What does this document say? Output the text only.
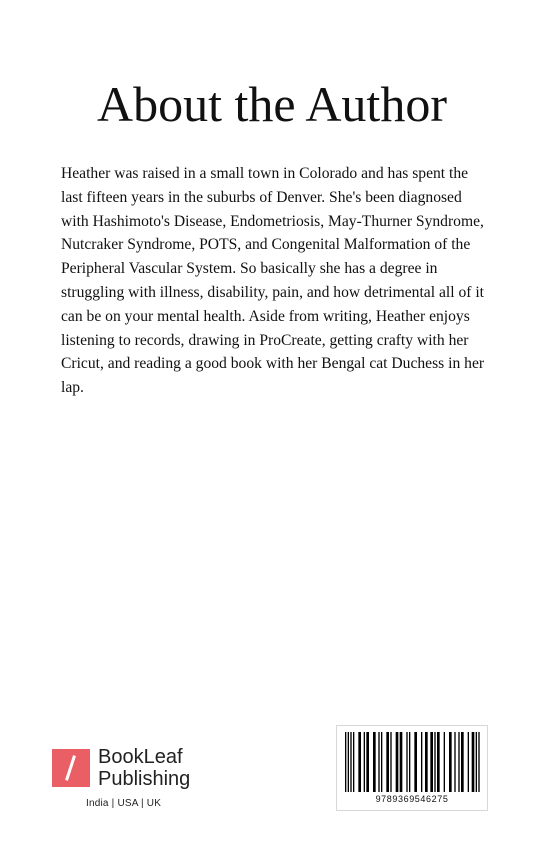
About the Author

Heather was raised in a small town in Colorado and has spent the last fifteen years in the suburbs of Denver. She's been diagnosed with Hashimoto's Disease, Endometriosis, May-Thurner Syndrome, Nutcraker Syndrome, POTS, and Congenital Malformation of the Peripheral Vascular System. So basically she has a degree in struggling with illness, disability, pain, and how detrimental all of it can be on your mental health. Aside from writing, Heather enjoys listening to records, drawing in ProCreate, getting crafty with her Cricut, and reading a good book with her Bengal cat Duchess in her lap.

BookLeaf
Publishing
India | USA | UK	9789369546275
